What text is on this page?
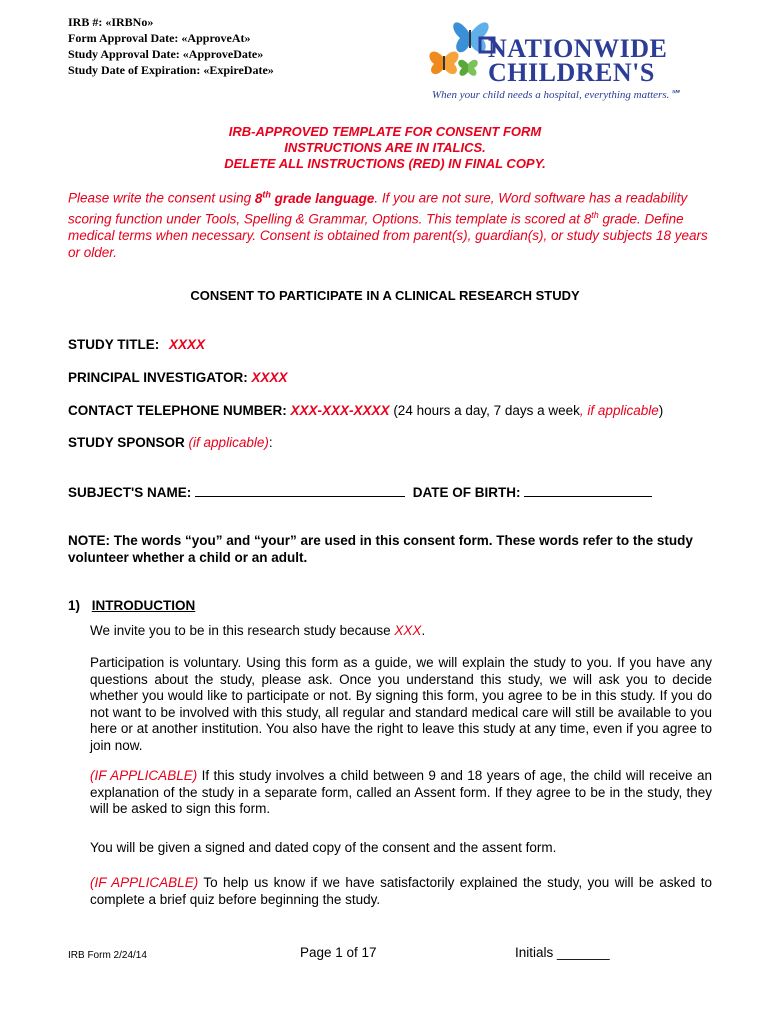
IRB #: «IRBNo»
Form Approval Date: «ApproveAt»
Study Approval Date: «ApproveDate»
Study Date of Expiration: «ExpireDate»
NATIONWIDE
CHILDREN'S
When your child needs a hospital, everything matters.℠
IRB-APPROVED TEMPLATE FOR CONSENT FORM
INSTRUCTIONS ARE IN ITALICS.
DELETE ALL INSTRUCTIONS (RED) IN FINAL COPY.
Please write the consent using 8th grade language. If you are not sure, Word software has a readability scoring function under Tools, Spelling & Grammar, Options. This template is scored at 8th grade. Define medical terms when necessary. Consent is obtained from parent(s), guardian(s), or study subjects 18 years or older.
CONSENT TO PARTICIPATE IN A CLINICAL RESEARCH STUDY
STUDY TITLE: XXXX
PRINCIPAL INVESTIGATOR: XXXX
CONTACT TELEPHONE NUMBER: XXX-XXX-XXXX (24 hours a day, 7 days a week, if applicable)
STUDY SPONSOR (if applicable):
SUBJECT'S NAME:	DATE OF BIRTH:
NOTE: The words “you” and “your” are used in this consent form. These words refer to the study volunteer whether a child or an adult.
1) INTRODUCTION
We invite you to be in this research study because XXX.
Participation is voluntary. Using this form as a guide, we will explain the study to you. If you have any questions about the study, please ask. Once you understand this study, we will ask you to decide whether you would like to participate or not. By signing this form, you agree to be in this study. If you do not want to be involved with this study, all regular and standard medical care will still be available to you here or at another institution. You also have the right to leave this study at any time, even if you agree to join now.
(IF APPLICABLE) If this study involves a child between 9 and 18 years of age, the child will receive an explanation of the study in a separate form, called an Assent form. If they agree to be in the study, they will be asked to sign this form.
You will be given a signed and dated copy of the consent and the assent form.
(IF APPLICABLE) To help us know if we have satisfactorily explained the study, you will be asked to complete a brief quiz before beginning the study.
IRB Form 2/24/14	Page 1 of 17	Initials _______
